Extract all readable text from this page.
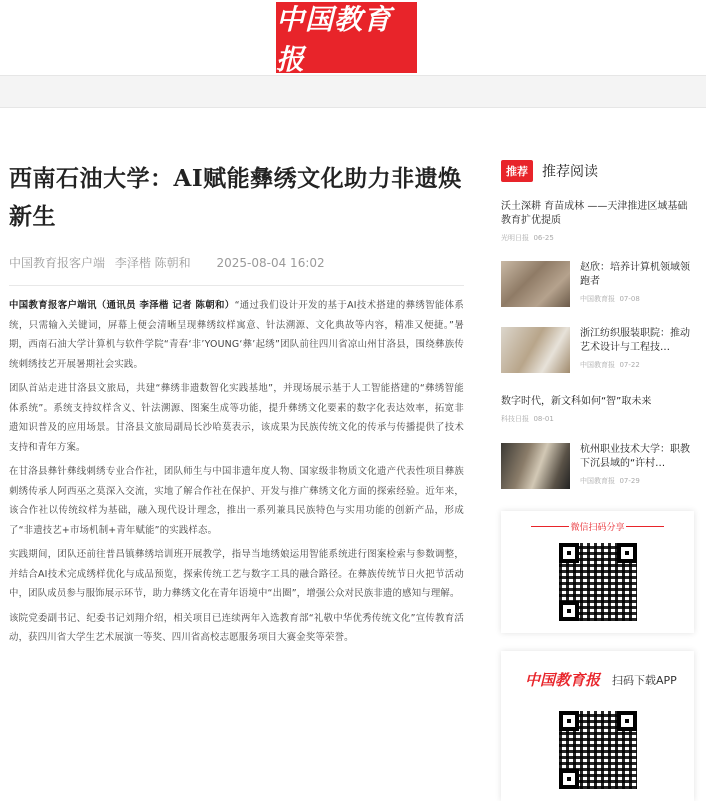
中国教育报
西南石油大学：AI赋能彝绣文化助力非遗焕新生
中国教育报客户端 李泽楷 陈朝和 2025-08-04 16:02

中国教育报客户端讯（通讯员 李泽楷 记者 陈朝和）“通过我们设计开发的基于AI技术搭建的彝绣智能体系统，只需输入关键词，屏幕上便会清晰呈现彝绣纹样寓意、针法溯源、文化典故等内容，精准又便捷。”暑期，西南石油大学计算机与软件学院“青春‘非’YOUNG‘彝’起绣”团队前往四川省凉山州甘洛县，围绕彝族传统刺绣技艺开展暑期社会实践。

团队首站走进甘洛县文旅局，共建“彝绣非遗数智化实践基地”，并现场展示基于人工智能搭建的“彝绣智能体系统”。系统支持纹样含义、针法溯源、图案生成等功能，提升彝绣文化要素的数字化表达效率，拓宽非遗知识普及的应用场景。甘洛县文旅局副局长沙哈莫表示，该成果为民族传统文化的传承与传播提供了技术支持和青年方案。

在甘洛县彝针彝线刺绣专业合作社，团队师生与中国非遗年度人物、国家级非物质文化遗产代表性项目彝族刺绣传承人阿西巫之莫深入交流，实地了解合作社在保护、开发与推广彝绣文化方面的探索经验。近年来，该合作社以传统纹样为基础，融入现代设计理念，推出一系列兼具民族特色与实用功能的创新产品，形成了“非遗技艺+市场机制+青年赋能”的实践样态。

实践期间，团队还前往普昌镇彝绣培训班开展教学，指导当地绣娘运用智能系统进行图案检索与参数调整，并结合AI技术完成绣样优化与成品预览，探索传统工艺与数字工具的融合路径。在彝族传统节日火把节活动中，团队成员参与服饰展示环节，助力彝绣文化在青年语境中“出圈”，增强公众对民族非遗的感知与理解。

该院党委副书记、纪委书记刘翔介绍，相关项目已连续两年入选教育部“礼敬中华优秀传统文化”宣传教育活动，获四川省大学生艺术展演一等奖、四川省高校志愿服务项目大赛金奖等荣誉。

推荐	推荐阅读
沃土深耕 育苗成林 ——天津推进区域基础教育扩优提质
光明日报 06-25
赵欣：培养计算机领域领跑者
中国教育报 07-08
浙江纺织服装职院：推动艺术设计与工程技…
中国教育报 07-22
数字时代，新文科如何“智”取未来
科技日报 08-01
杭州职业技术大学：职教下沉县域的“许村…
中国教育报 07-29
微信扫码分享
中国教育报 扫码下载APP
